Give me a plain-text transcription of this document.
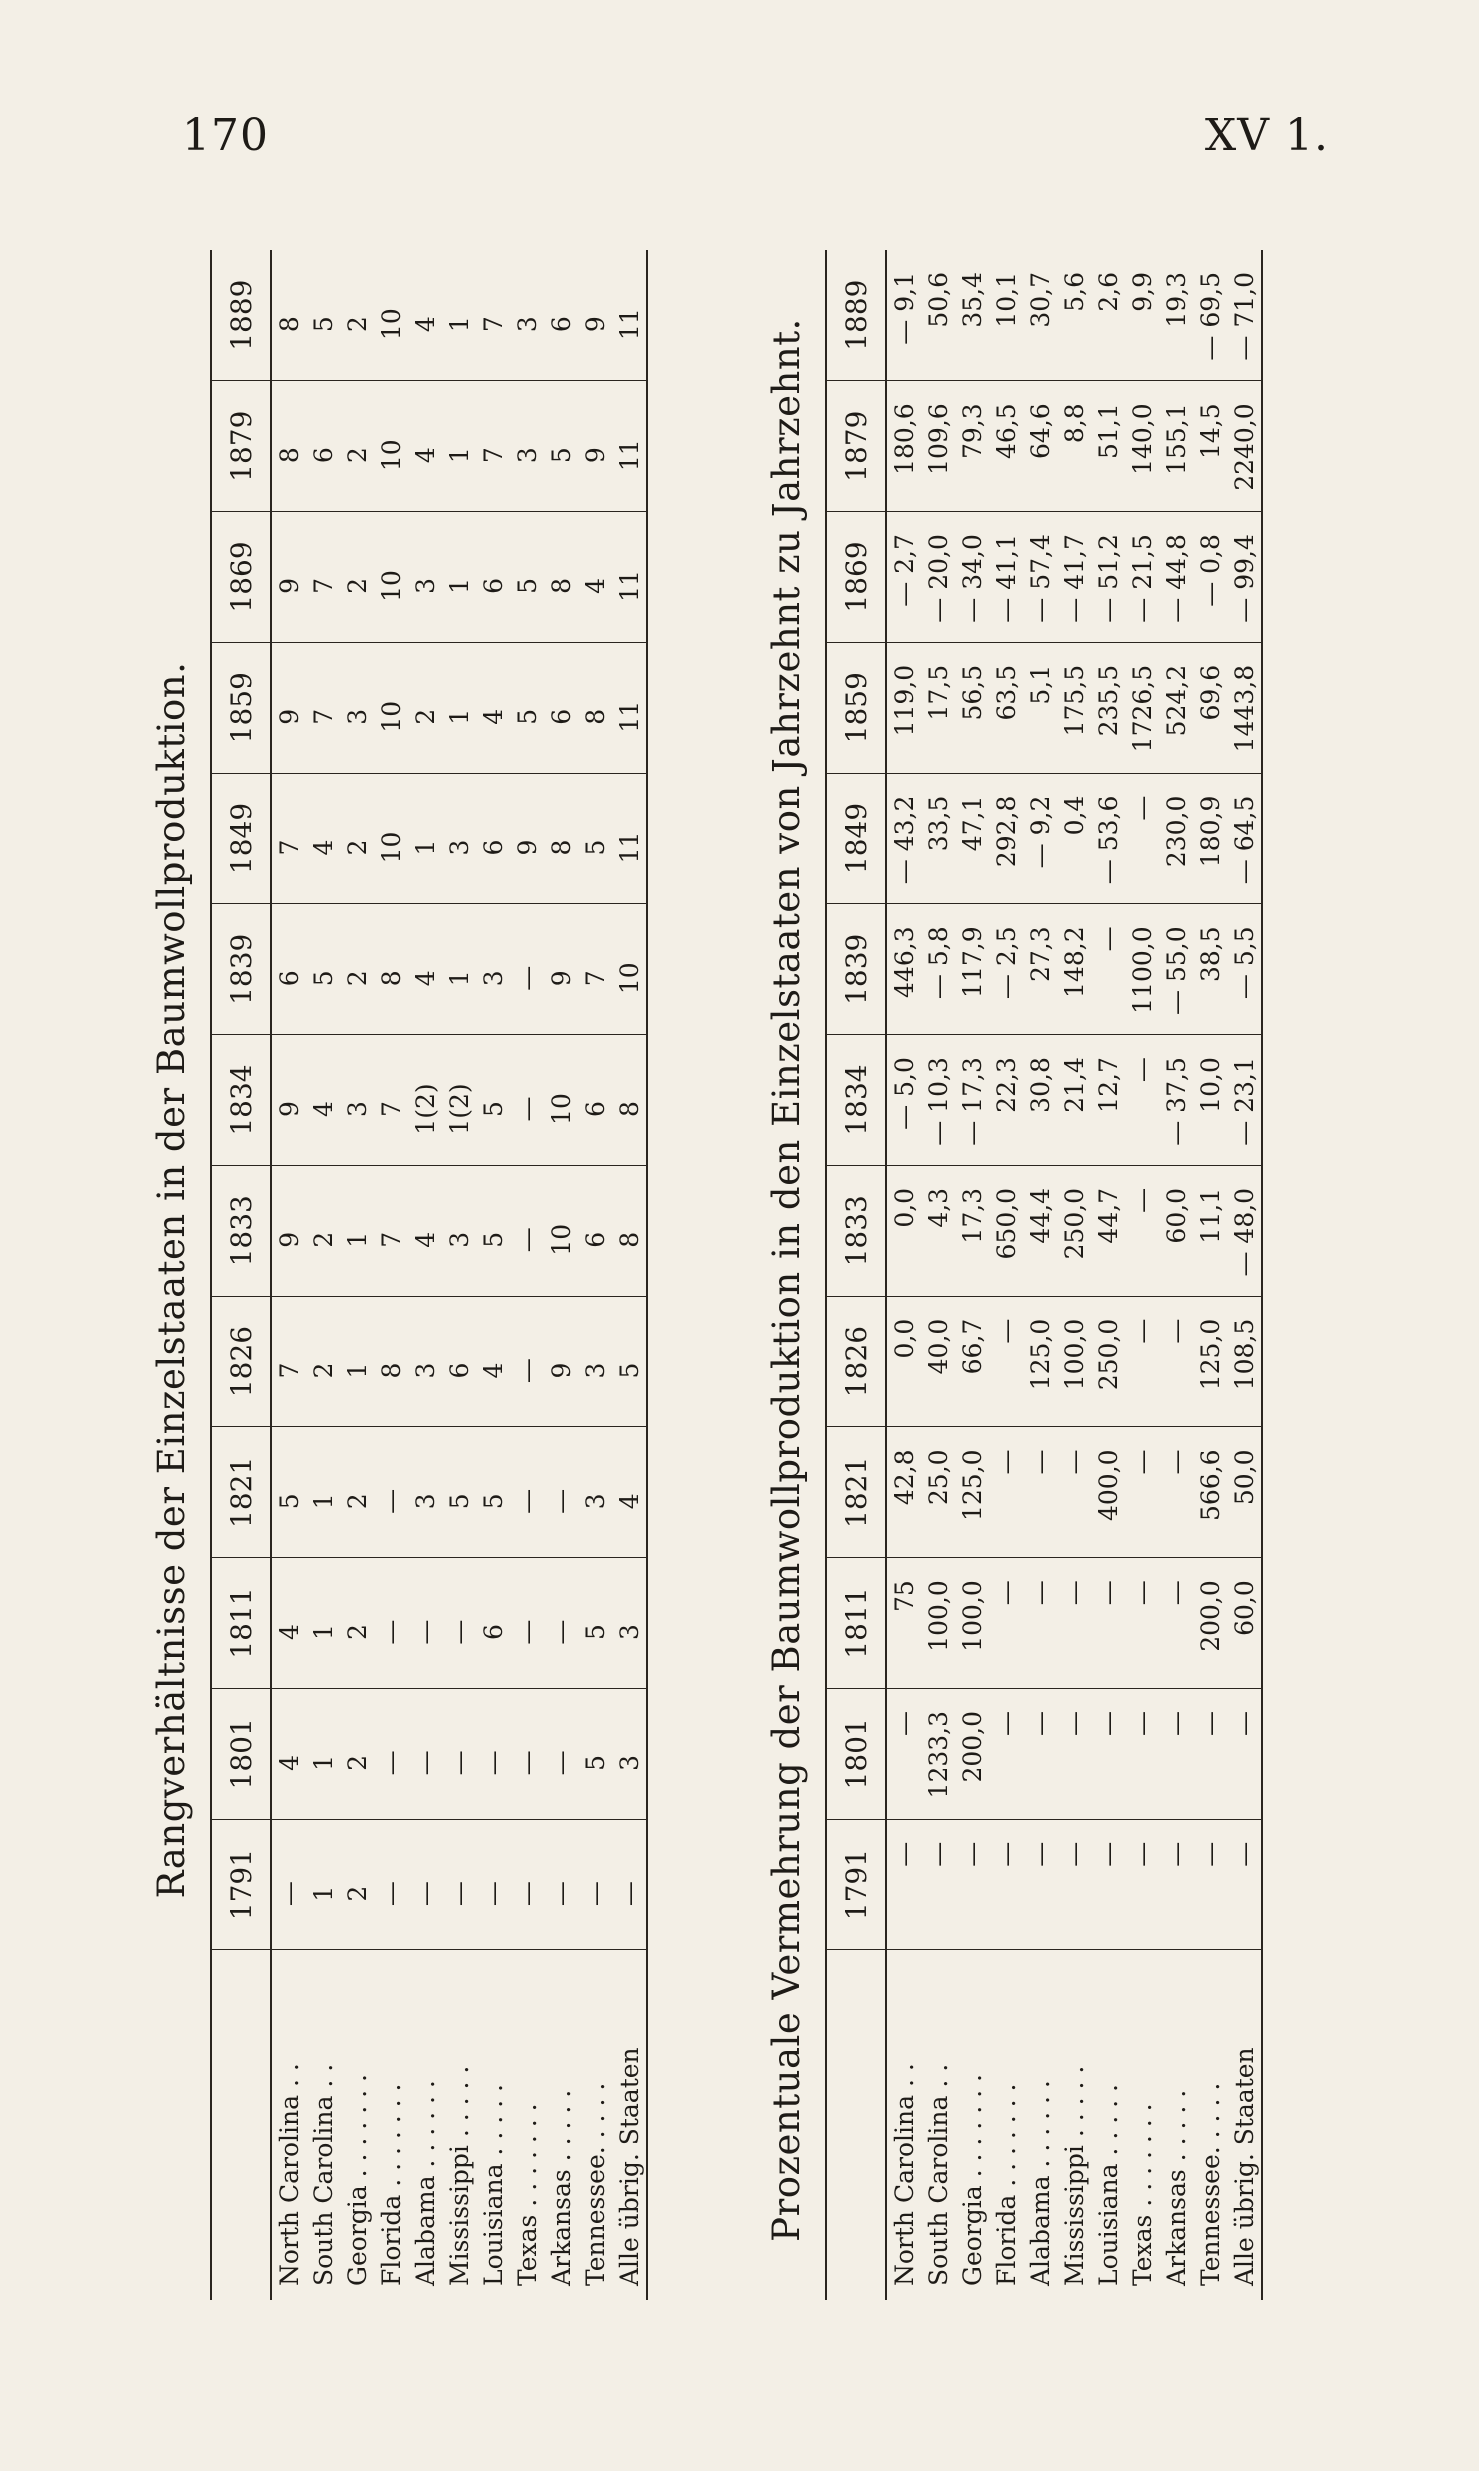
170	XV 1.
Rangverhältnisse der Einzelstaaten in der Baumwollproduktion.
	1791	1801	1811	1821	1826	1833	1834	1839	1849	1859	1869	1879	1889
North Carolina . .	—	4	4	5	7	9	9	6	7	9	9	8	8
South Carolina . .	1	1	1	1	2	2	4	5	4	7	7	6	5
Georgia . . . . . . .	2	2	2	2	1	1	3	2	2	3	2	2	2
Florida . . . . . . .	—	—	—	—	8	7	7	8	10	10	10	10	10
Alabama . . . . . .	—	—	—	3	3	4	1(2)	4	1	2	3	4	4
Mississippi . . . . .	—	—	—	5	6	3	1(2)	1	3	1	1	1	1
Louisiana . . . . .	—	—	6	5	4	5	5	3	6	4	6	7	7
Texas . . . . . . .	—	—	—	—	—	—	—	—	9	5	5	3	3
Arkansas . . . . .	—	—	—	—	9	10	10	9	8	6	8	5	6
Tennessee. . . . .	—	5	5	3	3	6	6	7	5	8	4	9	9
Alle übrig. Staaten	—	3	3	4	5	8	8	10	11	11	11	11	11	Prozentuale Vermehrung der Baumwollproduktion in den Einzelstaaten von Jahrzehnt zu Jahrzehnt.
	1791	1801	1811	1821	1826	1833	1834	1839	1849	1859	1869	1879	1889
North Carolina . .	—	—	75	42,8	0,0	0,0	— 5,0	446,3	— 43,2	119,0	— 2,7	180,6	— 9,1
South Carolina . .	—	1233,3	100,0	25,0	40,0	4,3	— 10,3	— 5,8	33,5	17,5	— 20,0	109,6	50,6
Georgia . . . . . . .	—	200,0	100,0	125,0	66,7	17,3	— 17,3	117,9	47,1	56,5	— 34,0	79,3	35,4
Florida . . . . . . .	—	—	—	—	—	650,0	22,3	— 2,5	292,8	63,5	— 41,1	46,5	10,1
Alabama . . . . . .	—	—	—	—	125,0	44,4	30,8	27,3	— 9,2	5,1	— 57,4	64,6	30,7
Mississippi . . . . .	—	—	—	—	100,0	250,0	21,4	148,2	0,4	175,5	— 41,7	8,8	5,6
Louisiana . . . . .	—	—	—	400,0	250,0	44,7	12,7	—	— 53,6	235,5	— 51,2	51,1	2,6
Texas . . . . . . .	—	—	—	—	—	—	—	1100,0	—	1726,5	— 21,5	140,0	9,9
Arkansas . . . . .	—	—	—	—	—	60,0	— 37,5	— 55,0	230,0	524,2	— 44,8	155,1	19,3
Tennessee. . . . .	—	—	200,0	566,6	125,0	11,1	10,0	38,5	180,9	69,6	— 0,8	14,5	— 69,5
Alle übrig. Staaten	—	—	60,0	50,0	108,5	— 48,0	— 23,1	— 5,5	— 64,5	1443,8	— 99,4	2240,0	— 71,0
